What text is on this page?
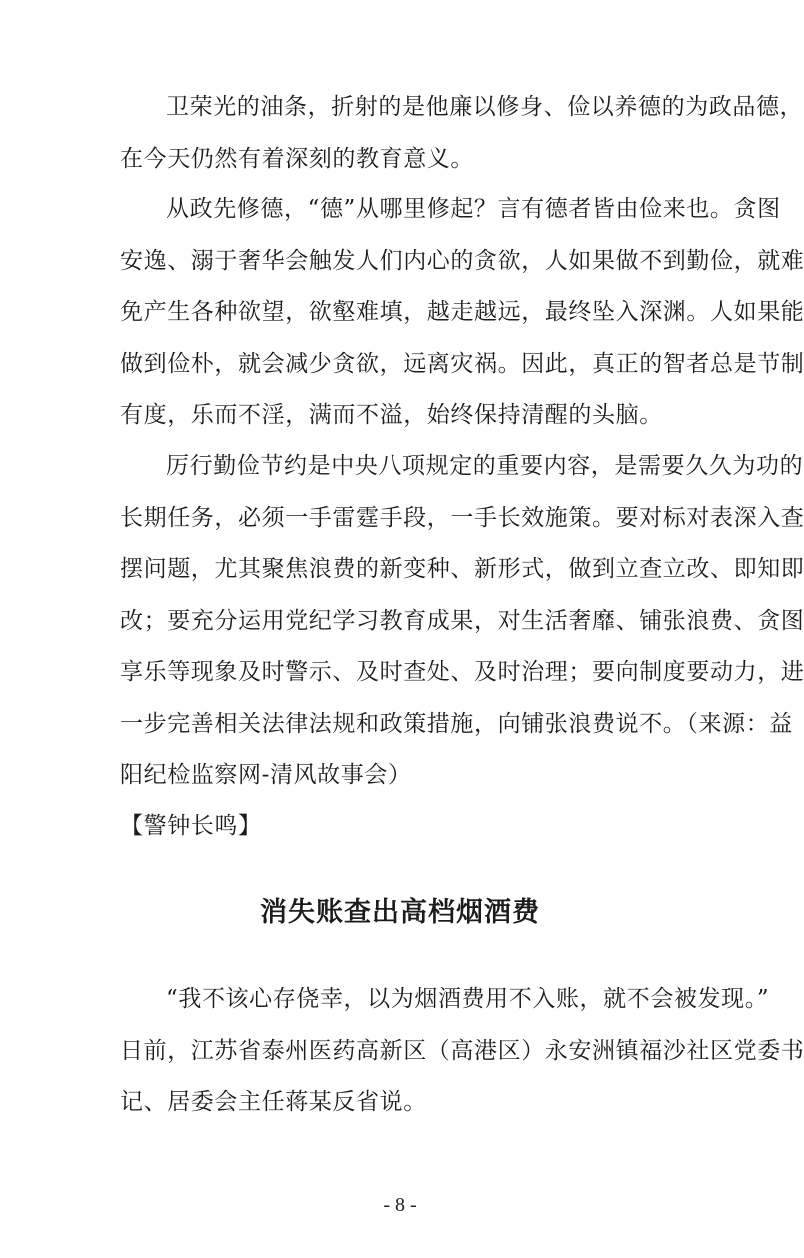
卫荣光的油条，折射的是他廉以修身、俭以养德的为政品德，
在今天仍然有着深刻的教育意义。
从政先修德，“德”从哪里修起？言有德者皆由俭来也。贪图
安逸、溺于奢华会触发人们内心的贪欲，人如果做不到勤俭，就难
免产生各种欲望，欲壑难填，越走越远，最终坠入深渊。人如果能
做到俭朴，就会减少贪欲，远离灾祸。因此，真正的智者总是节制
有度，乐而不淫，满而不溢，始终保持清醒的头脑。
厉行勤俭节约是中央八项规定的重要内容，是需要久久为功的
长期任务，必须一手雷霆手段，一手长效施策。要对标对表深入查
摆问题，尤其聚焦浪费的新变种、新形式，做到立查立改、即知即
改；要充分运用党纪学习教育成果，对生活奢靡、铺张浪费、贪图
享乐等现象及时警示、及时查处、及时治理；要向制度要动力，进
一步完善相关法律法规和政策措施，向铺张浪费说不。（来源：益
阳纪检监察网-清风故事会）
【警钟长鸣】
消失账查出高档烟酒费
“我不该心存侥幸，以为烟酒费用不入账，就不会被发现。”
日前，江苏省泰州医药高新区（高港区）永安洲镇福沙社区党委书
记、居委会主任蒋某反省说。
- 8 -
